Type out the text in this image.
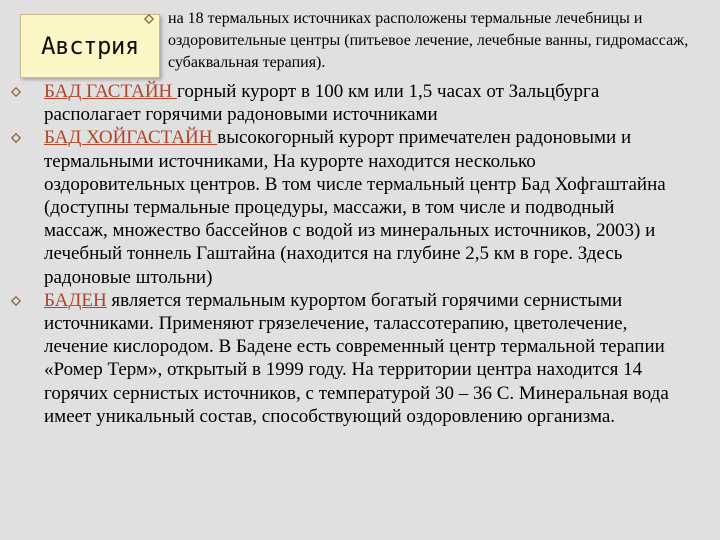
Австрия
на 18 термальных источниках расположены термальные лечебницы и оздоровительные центры (питьевое лечение, лечебные ванны, гидромассаж, субаквальная терапия).

БАД ГАСТАЙН горный курорт в 100 км или 1,5 часах от Зальцбурга располагает горячими радоновыми источниками

БАД ХОЙГАСТАЙН высокогорный курорт примечателен радоновыми и термальными источниками, На курорте находится несколько оздоровительных центров. В том числе термальный центр Бад Хофгаштайна (доступны термальные процедуры, массажи, в том числе и подводный массаж, множество бассейнов с водой из минеральных источников, 2003) и лечебный тоннель Гаштайна (находится на глубине 2,5 км в горе. Здесь радоновые штольни)

БАДЕН является термальным курортом богатый горячими сернистыми источниками. Применяют грязелечение, талассотерапию, цветолечение, лечение кислородом. В Бадене есть современный центр термальной терапии «Ромер Терм», открытый в 1999 году. На территории центра находится 14 горячих сернистых источников, с температурой 30 – 36 С. Минеральная вода имеет уникальный состав, способствующий оздоровлению организма.
